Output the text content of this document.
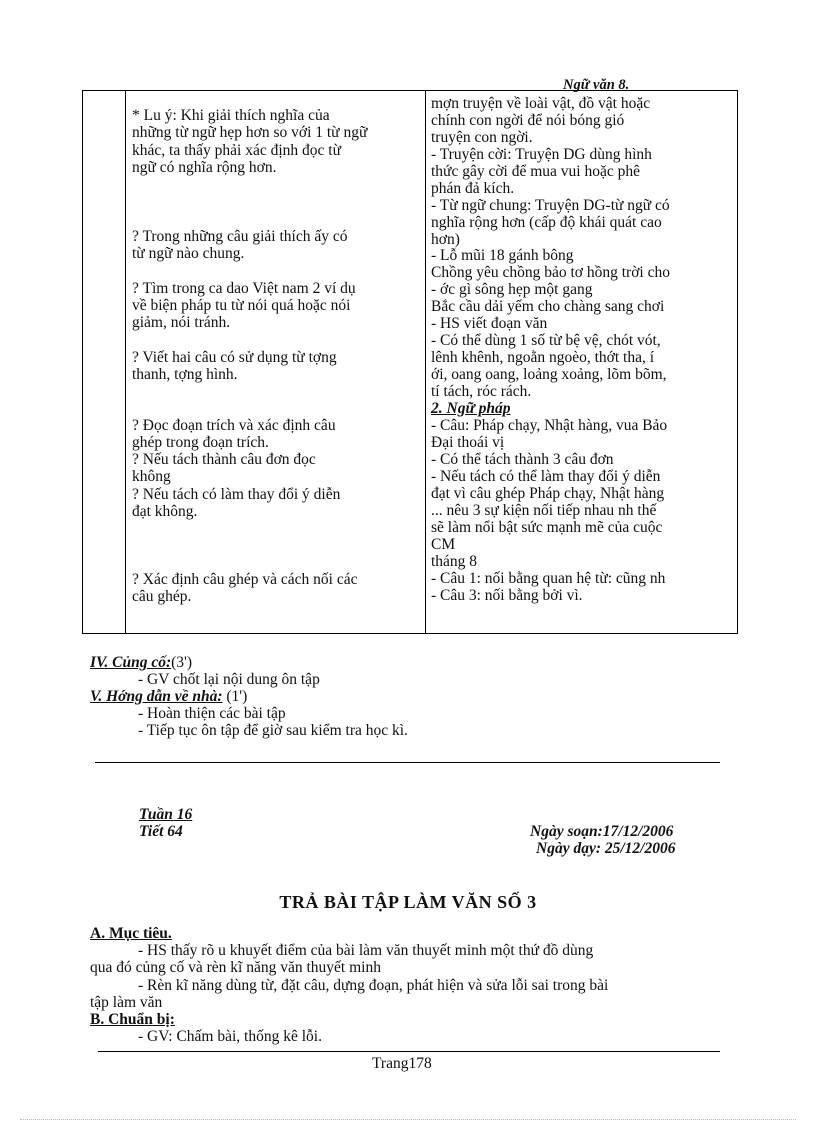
Ngữ văn 8.
* Lu ý: Khi giải thích nghĩa của
những từ ngữ hẹp hơn so với 1 từ ngữ
khác, ta thấy phải xác định đọc từ
ngữ có nghĩa rộng hơn.
? Trong những câu giải thích ấy có
từ ngữ nào chung.
? Tìm trong ca dao Việt nam 2 ví dụ
về biện pháp tu từ nói quá hoặc nói
giảm, nói tránh.
? Viết hai câu có sử dụng từ tợng
thanh, tợng hình.
? Đọc đoạn trích và xác định câu
ghép trong đoạn trích.
? Nếu tách thành câu đơn đọc
không
? Nếu tách có làm thay đổi ý diễn
đạt không.
? Xác định câu ghép và cách nối các
câu ghép.
mợn truyện về loài vật, đồ vật hoặc
chính con ngời để nói bóng gió
truyện con ngời.
- Truyện cời: Truyện DG dùng hình
thức gây cời để mua vui hoặc phê
phán đả kích.
- Từ ngữ chung: Truyện DG-từ ngữ có
nghĩa rộng hơn (cấp độ khái quát cao
hơn)
- Lỗ mũi 18 gánh bông
Chồng yêu chồng bảo tơ hồng trời cho
- ớc gì sông hẹp một gang
Bắc cầu dải yếm cho chàng sang chơi
- HS viết đoạn văn
- Có thể dùng 1 số từ bệ vệ, chót vót,
lênh khênh, ngoằn ngoèo, thớt tha, í
ới, oang oang, loảng xoảng, lõm bõm,
tí tách, róc rách.
2. Ngữ pháp
- Câu: Pháp chạy, Nhật hàng, vua Bảo
Đại thoái vị
- Có thể tách thành 3 câu đơn
- Nếu tách có thể làm thay đổi ý diễn
đạt vì câu ghép Pháp chạy, Nhật hàng
... nêu 3 sự kiện nối tiếp nhau nh thế
sẽ làm nổi bật sức mạnh mẽ của cuộc
CM
tháng 8
- Câu 1: nối bằng quan hệ từ: cũng nh
- Câu 3: nối bằng bởi vì.
IV. Củng cố:(3')
- GV chốt lại nội dung ôn tập
V. Hớng dẫn về nhà: (1')
- Hoàn thiện các bài tập
- Tiếp tục ôn tập để giờ sau kiểm tra học kì.
Tuần 16
Tiết 64	Ngày soạn:17/12/2006
Ngày dạy: 25/12/2006
TRẢ BÀI TẬP LÀM VĂN SỐ 3
A. Mục tiêu.
- HS thấy rõ u khuyết điểm của bài làm văn thuyết minh một thứ đồ dùng
qua đó củng cố và rèn kĩ năng văn thuyết minh
- Rèn kĩ năng dùng từ, đặt câu, dựng đoạn, phát hiện và sửa lỗi sai trong bài
tập làm văn
B. Chuẩn bị:
- GV: Chấm bài, thống kê lỗi.
Trang178
